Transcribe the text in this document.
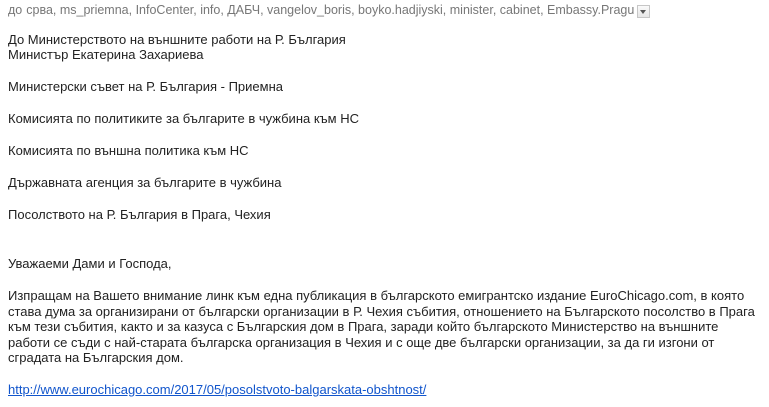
до срва, ms_priemna, InfoCenter, info, ДАБЧ, vangelov_boris, boyko.hadjiyski, minister, cabinet, Embassy.Pragu

До Министерството на външните работи на Р. България

Министър Екатерина Захариева

Министерски съвет на Р. България - Приемна

Комисията по политиките за българите в чужбина към НС

Комисията по външна политика към НС

Държавната агенция за българите в чужбина

Посолството на Р. България в Прага, Чехия

Уважаеми Дами и Господа,

Изпращам на Вашето внимание линк към една публикация в българското емигрантско издание EuroChicago.com, в която става дума за организирани от български организации в Р. Чехия събития, отношението на Българското посолство в Прага към тези събития, както и за казуса с Българския дом в Прага, заради който българското Министерство на външните работи се съди с най-старата българска организация в Чехия и с още две български организации, за да ги изгони от сградата на Българския дом.

http://www.eurochicago.com/2017/05/posolstvoto-balgarskata-obshtnost/
